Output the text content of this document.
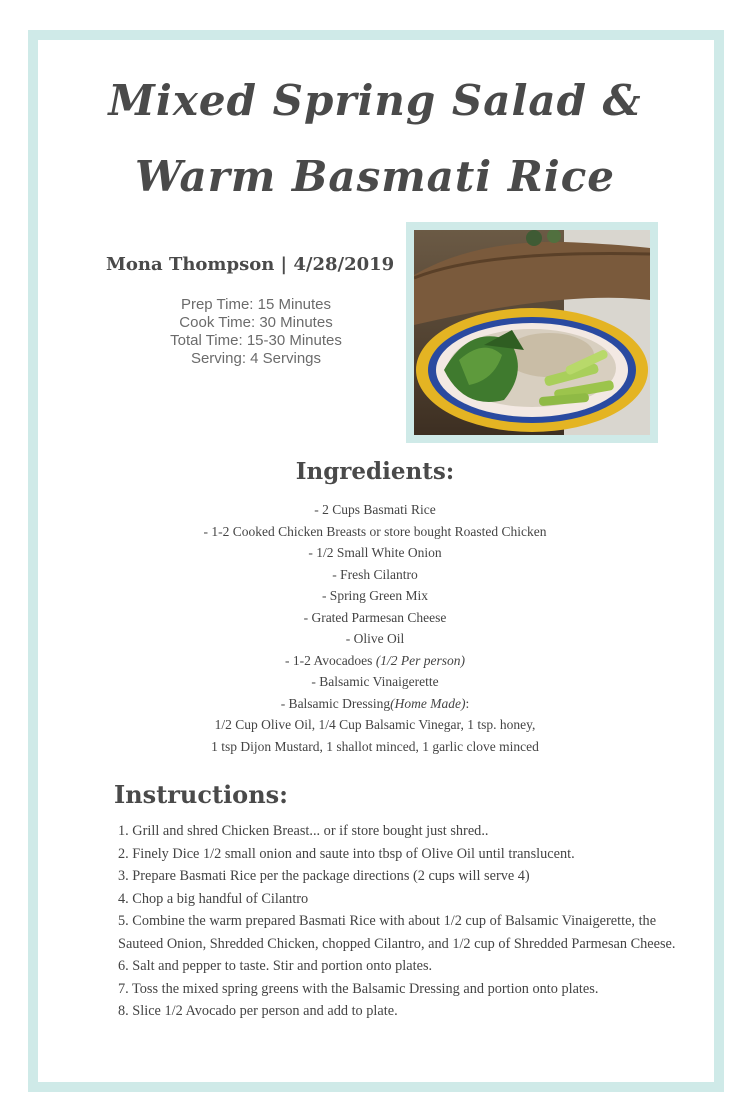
Mixed Spring Salad &
Warm Basmati Rice
Mona Thompson | 4/28/2019
Prep Time: 15 Minutes
Cook Time: 30 Minutes
Total Time: 15-30 Minutes
Serving: 4 Servings
Ingredients:
- 2 Cups Basmati Rice
- 1-2 Cooked Chicken Breasts or store bought Roasted Chicken
- 1/2 Small White Onion
- Fresh Cilantro
- Spring Green Mix
- Grated Parmesan Cheese
- Olive Oil
- 1-2 Avocadoes (1/2 Per person)
- Balsamic Vinaigerette
- Balsamic Dressing(Home Made):
1/2 Cup Olive Oil, 1/4 Cup Balsamic Vinegar, 1 tsp. honey,
1 tsp Dijon Mustard, 1 shallot minced, 1 garlic clove minced
Instructions:
1. Grill and shred Chicken Breast... or if store bought just shred..
2. Finely Dice 1/2 small onion and saute into tbsp of Olive Oil until translucent.
3. Prepare Basmati Rice per the package directions (2 cups will serve 4)
4. Chop a big handful of Cilantro
5. Combine the warm prepared Basmati Rice with about 1/2 cup of Balsamic Vinaigerette, the Sauteed Onion, Shredded Chicken, chopped Cilantro, and 1/2 cup of Shredded Parmesan Cheese.
6. Salt and pepper to taste. Stir and portion onto plates.
7. Toss the mixed spring greens with the Balsamic Dressing and portion onto plates.
8. Slice 1/2 Avocado per person and add to plate.
